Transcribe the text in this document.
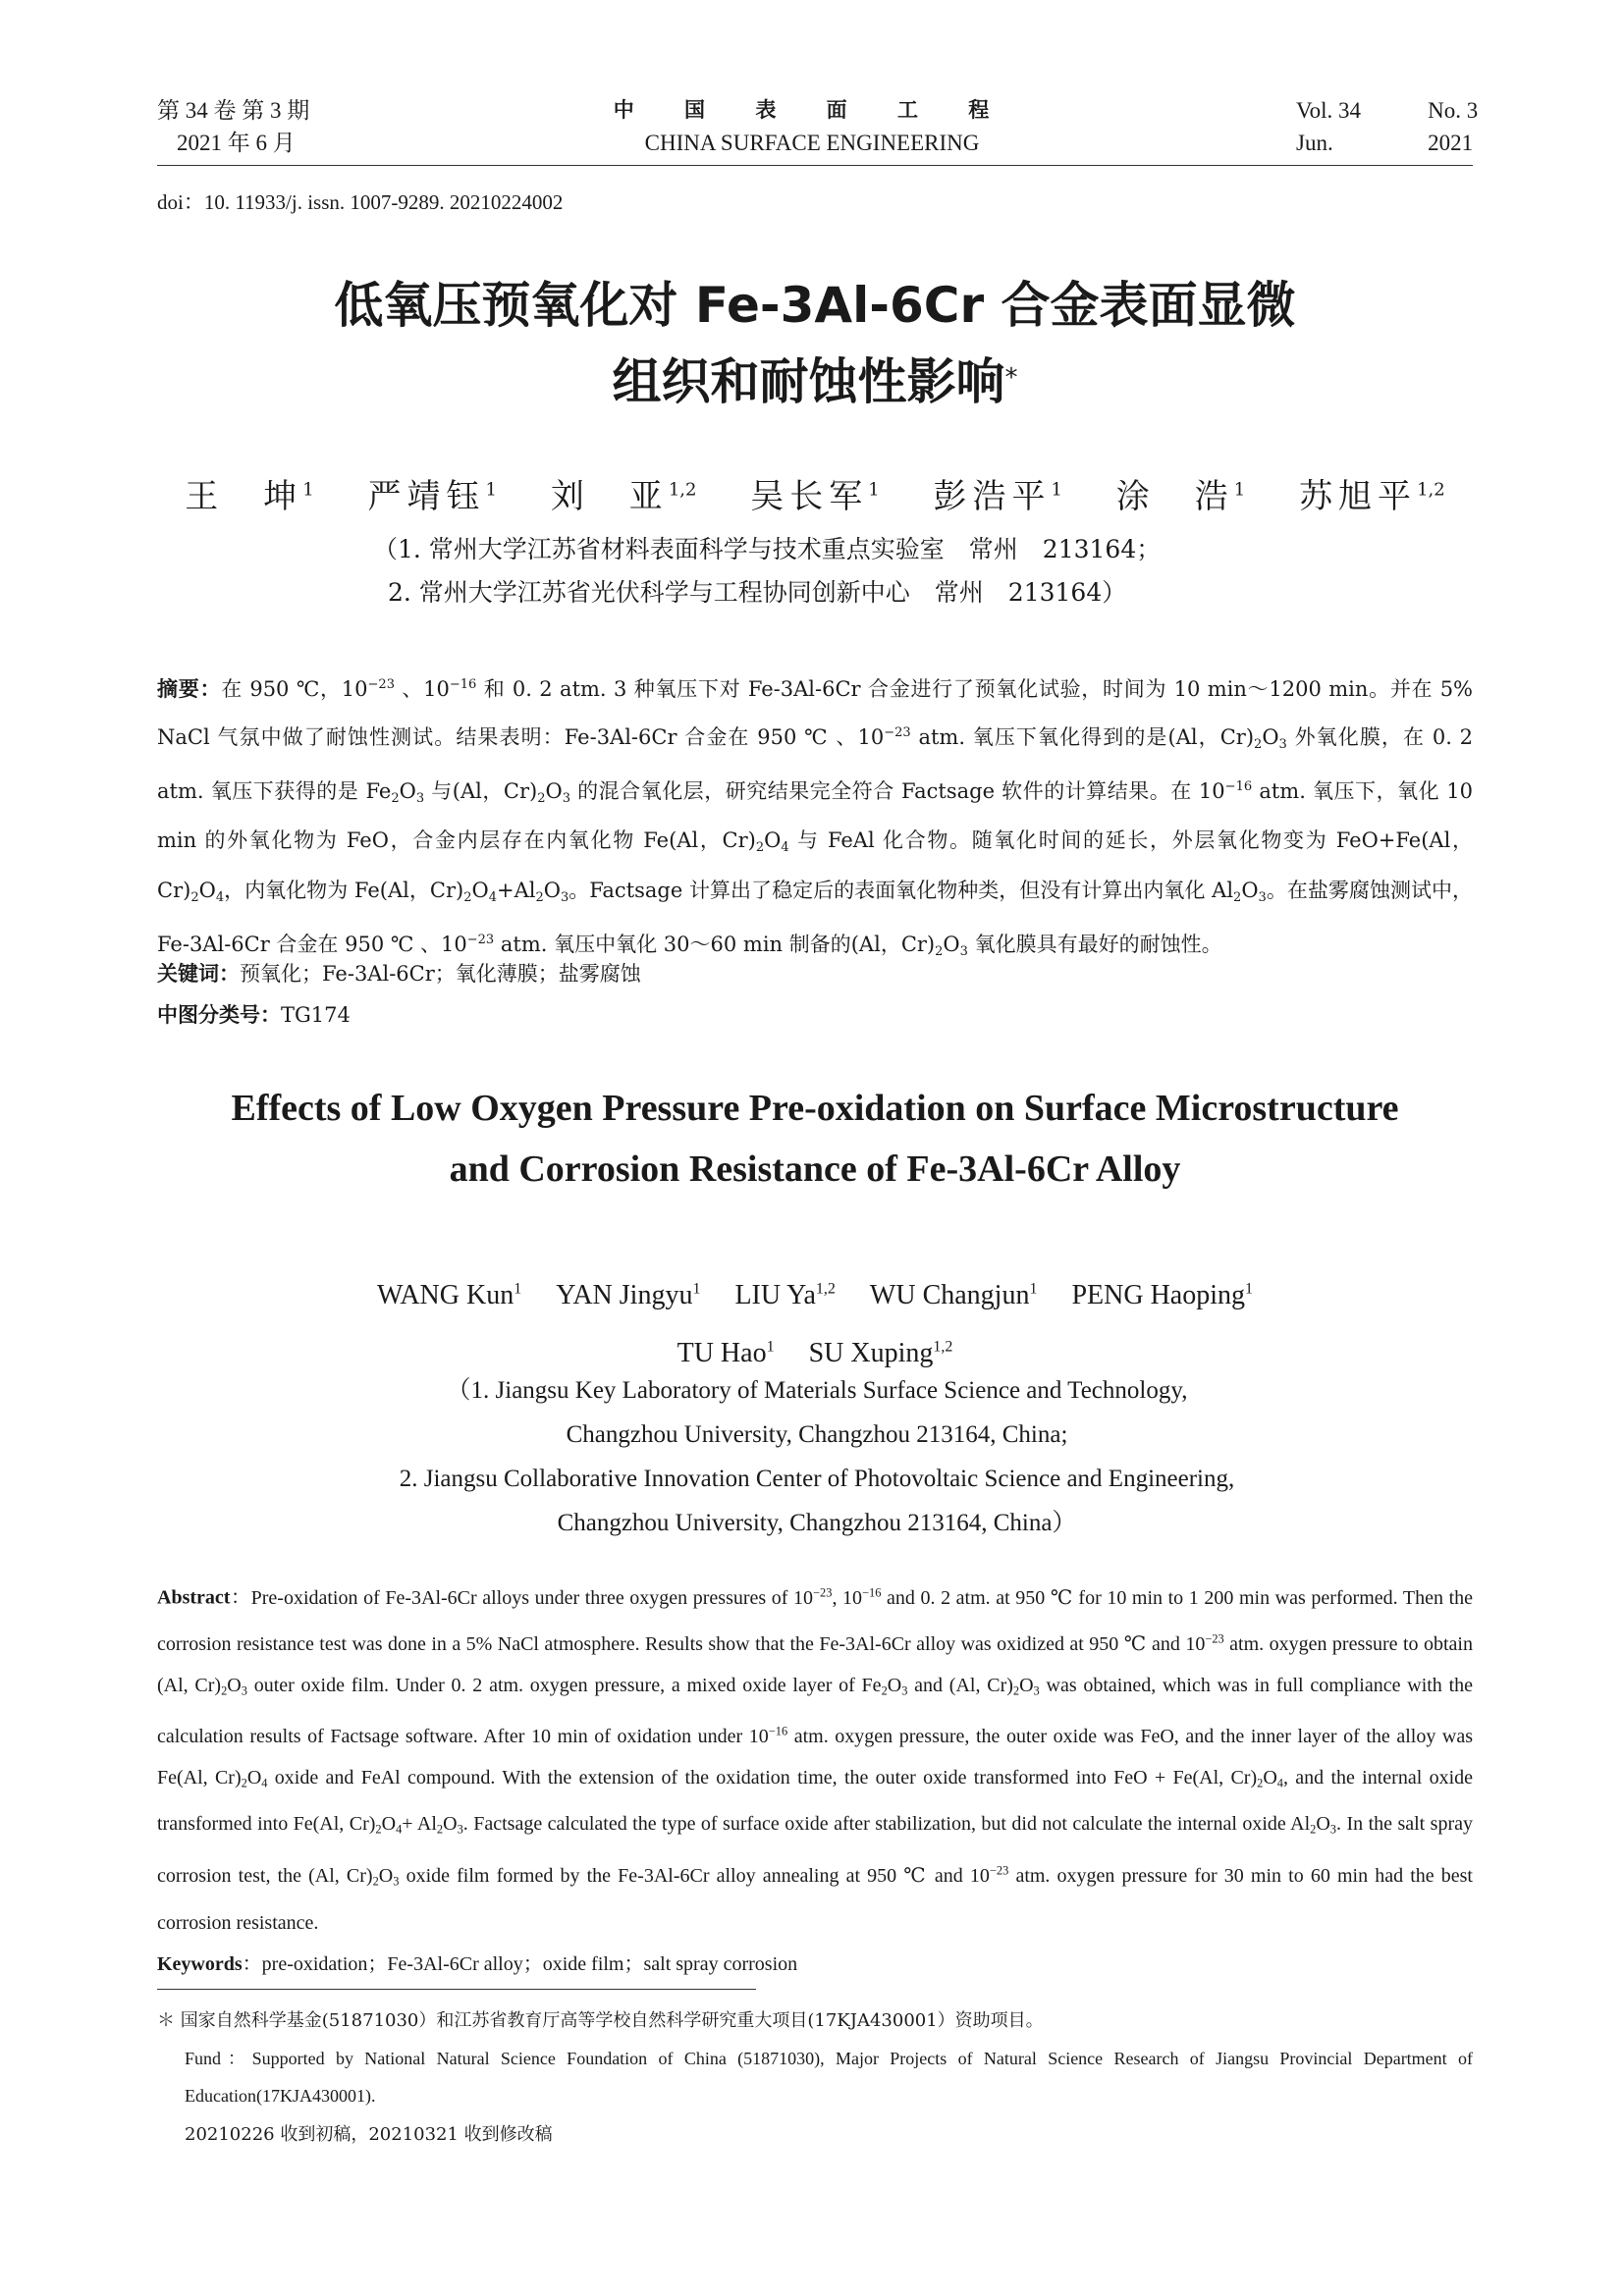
第 34 卷 第 3 期
2021 年 6 月
中 国 表 面 工 程
CHINA SURFACE ENGINEERING
Vol. 34	No. 3
Jun.	2021
doi：10. 11933/j. issn. 1007-9289. 20210224002
低氧压预氧化对 Fe-3Al-6Cr 合金表面显微
组织和耐蚀性影响*
王　坤$^1$ 严靖钰$^1$ 刘　亚$^{1,2}$ 吴长军$^1$ 彭浩平$^1$ 涂　浩$^1$ 苏旭平$^{1,2}$
（1. 常州大学江苏省材料表面科学与技术重点实验室　常州　213164；
2. 常州大学江苏省光伏科学与工程协同创新中心　常州　213164）
摘要：在 950 ℃，$10^{-23}$ 、$10^{-16}$ 和 0. 2 atm. 3 种氧压下对 Fe-3Al-6Cr 合金进行了预氧化试验，时间为 10 min～1200 min。并在 5% NaCl 气氛中做了耐蚀性测试。结果表明：Fe-3Al-6Cr 合金在 950 ℃ 、$10^{-23}$ atm. 氧压下氧化得到的是(Al，$Cr)_2O_3$ 外氧化膜，在 0. 2 atm. 氧压下获得的是 $Fe_2O_3$ 与(Al，$Cr)_2O_3$ 的混合氧化层，研究结果完全符合 Factsage 软件的计算结果。在 $10^{-16}$ atm. 氧压下，氧化 10 min 的外氧化物为 FeO，合金内层存在内氧化物 Fe(Al，$Cr)_2O_4$ 与 FeAl 化合物。随氧化时间的延长，外层氧化物变为 FeO+Fe(Al，$Cr)_2O_4$，内氧化物为 Fe(Al，$Cr)_2O_4+Al_2O_3$。Factsage 计算出了稳定后的表面氧化物种类，但没有计算出内氧化 $Al_2O_3$。在盐雾腐蚀测试中，Fe-3Al-6Cr 合金在 950 ℃ 、$10^{-23}$ atm. 氧压中氧化 30～60 min 制备的(Al，$Cr)_2O_3$ 氧化膜具有最好的耐蚀性。
关键词：预氧化；Fe-3Al-6Cr；氧化薄膜；盐雾腐蚀
中图分类号：TG174
Effects of Low Oxygen Pressure Pre-oxidation on Surface Microstructure
and Corrosion Resistance of Fe-3Al-6Cr Alloy
WANG Kun$^1$ YAN Jingyu$^1$ LIU Ya$^{1,2}$ WU Changjun$^1$ PENG Haoping$^1$
TU Hao$^1$ SU Xuping$^{1,2}$
（1. Jiangsu Key Laboratory of Materials Surface Science and Technology,
Changzhou University, Changzhou 213164, China;
2. Jiangsu Collaborative Innovation Center of Photovoltaic Science and Engineering,
Changzhou University, Changzhou 213164, China）
Abstract：Pre-oxidation of Fe-3Al-6Cr alloys under three oxygen pressures of $10^{-23}$, $10^{-16}$ and 0. 2 atm. at 950 ℃ for 10 min to 1 200 min was performed. Then the corrosion resistance test was done in a 5% NaCl atmosphere. Results show that the Fe-3Al-6Cr alloy was oxidized at 950 ℃ and $10^{-23}$ atm. oxygen pressure to obtain (Al, $Cr)_2O_3$ outer oxide film. Under 0. 2 atm. oxygen pressure, a mixed oxide layer of $Fe_2O_3$ and (Al, $Cr)_2O_3$ was obtained, which was in full compliance with the calculation results of Factsage software. After 10 min of oxidation under $10^{-16}$ atm. oxygen pressure, the outer oxide was FeO, and the inner layer of the alloy was Fe(Al, $Cr)_2O_4$ oxide and FeAl compound. With the extension of the oxidation time, the outer oxide transformed into FeO + Fe(Al, $Cr)_2O_4$, and the internal oxide transformed into Fe(Al, $Cr)_2O_4+ Al_2O_3$. Factsage calculated the type of surface oxide after stabilization, but did not calculate the internal oxide $Al_2O_3$. In the salt spray corrosion test, the (Al, $Cr)_2O_3$ oxide film formed by the Fe-3Al-6Cr alloy annealing at 950 ℃ and $10^{-23}$ atm. oxygen pressure for 30 min to 60 min had the best corrosion resistance.
Keywords：pre-oxidation；Fe-3Al-6Cr alloy；oxide film；salt spray corrosion
＊ 国家自然科学基金(51871030）和江苏省教育厅高等学校自然科学研究重大项目(17KJA430001）资助项目。
Fund：Supported by National Natural Science Foundation of China (51871030), Major Projects of Natural Science Research of Jiangsu Provincial Department of Education(17KJA430001).
20210226 收到初稿，20210321 收到修改稿
